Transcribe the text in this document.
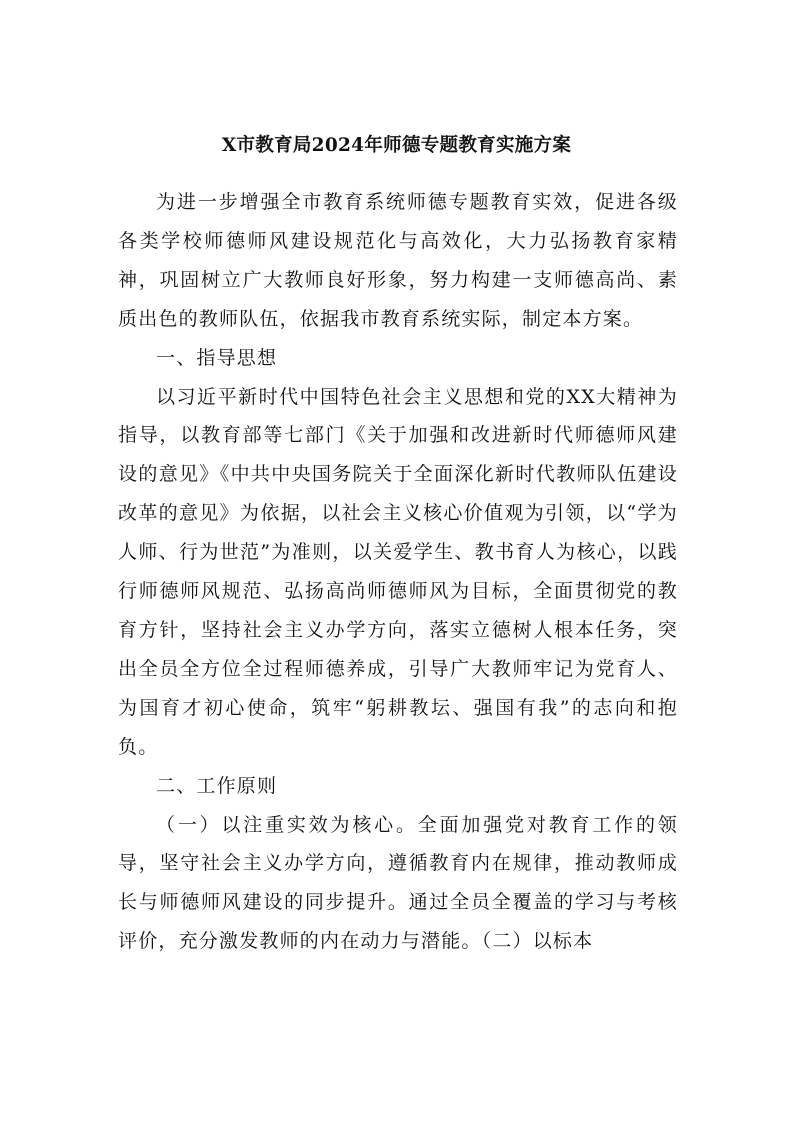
X市教育局2024年师德专题教育实施方案

为进一步增强全市教育系统师德专题教育实效，促进各级各类学校师德师风建设规范化与高效化，大力弘扬教育家精神，巩固树立广大教师良好形象，努力构建一支师德高尚、素质出色的教师队伍，依据我市教育系统实际，制定本方案。

一、指导思想

以习近平新时代中国特色社会主义思想和党的XX大精神为指导，以教育部等七部门《关于加强和改进新时代师德师风建设的意见》《中共中央国务院关于全面深化新时代教师队伍建设改革的意见》为依据，以社会主义核心价值观为引领，以“学为人师、行为世范”为准则，以关爱学生、教书育人为核心，以践行师德师风规范、弘扬高尚师德师风为目标，全面贯彻党的教育方针，坚持社会主义办学方向，落实立德树人根本任务，突出全员全方位全过程师德养成，引导广大教师牢记为党育人、为国育才初心使命，筑牢“躬耕教坛、强国有我”的志向和抱负。

二、工作原则

（一）以注重实效为核心。全面加强党对教育工作的领导，坚守社会主义办学方向，遵循教育内在规律，推动教师成长与师德师风建设的同步提升。通过全员全覆盖的学习与考核评价，充分激发教师的内在动力与潜能。（二）以标本
